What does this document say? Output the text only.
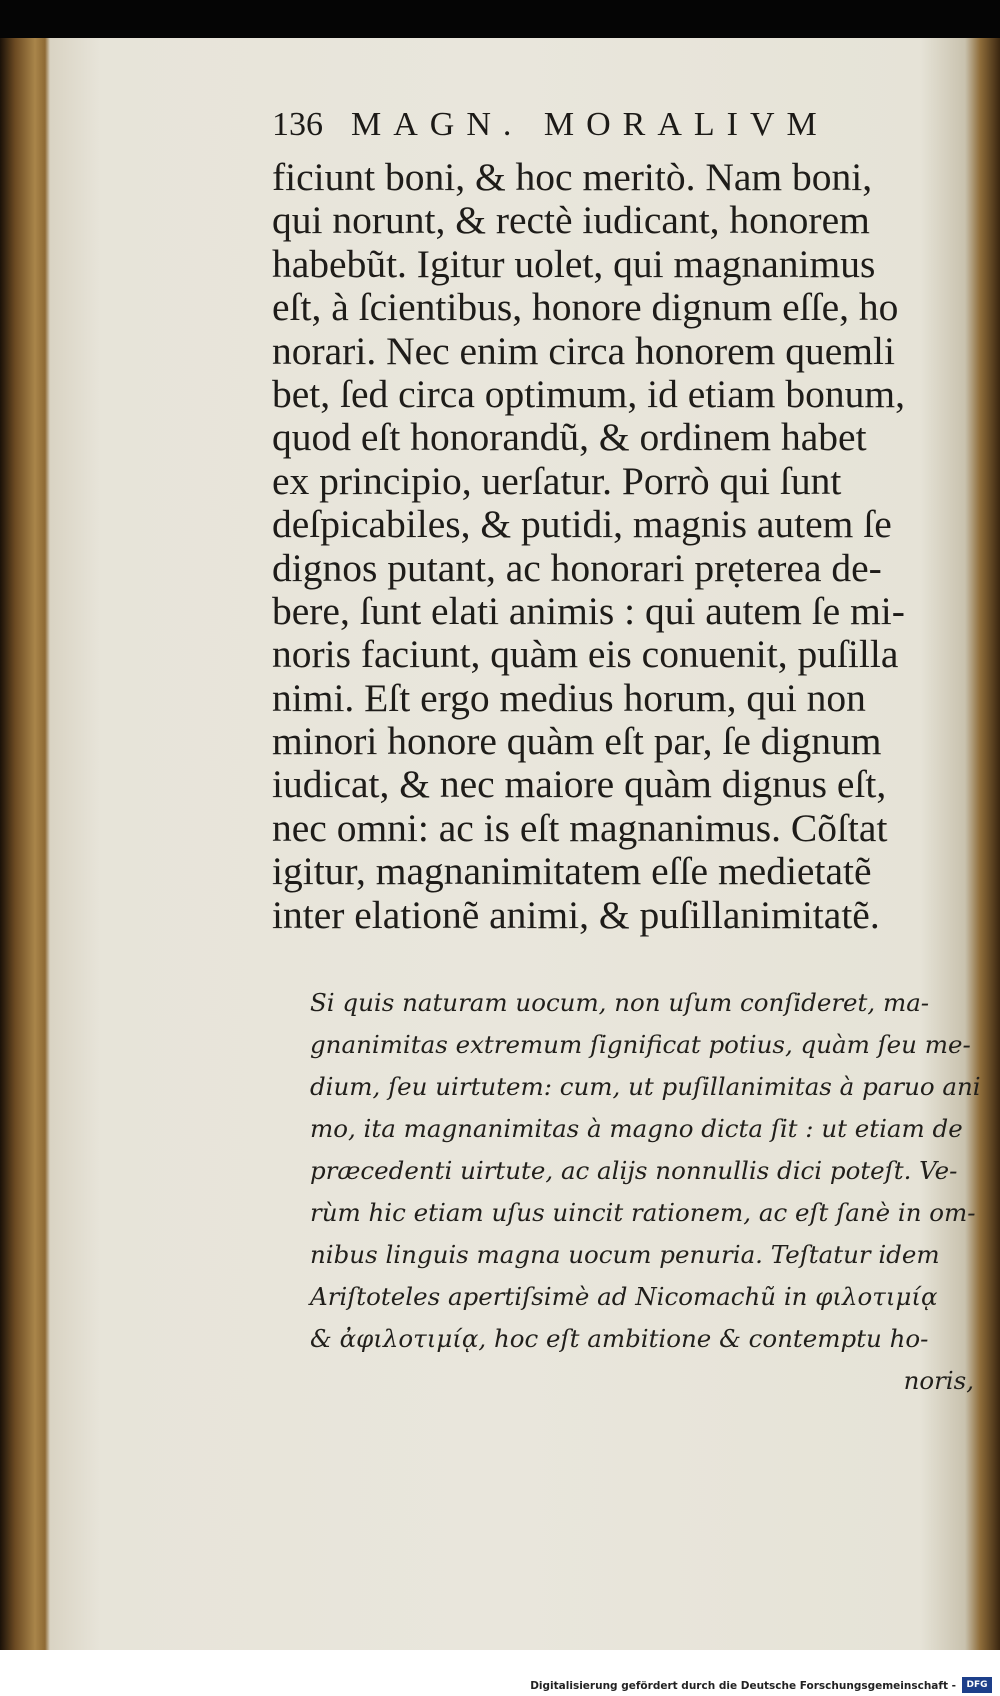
136 MAGN. MORALIVM
ficiunt boni, & hoc meritò. Nam boni,
qui norunt, & rectè iudicant, honorem
habebũt. Igitur uolet, qui magnanimus
eſt, à ſcientibus, honore dignum eſſe, ho
norari. Nec enim circa honorem quemli
bet, ſed circa optimum, id etiam bonum,
quod eſt honorandũ, & ordinem habet
ex principio, uerſatur. Porrò qui ſunt
deſpicabiles, & putidi, magnis autem ſe
dignos putant, ac honorari prẹterea de-
bere, ſunt elati animis : qui autem ſe mi-
noris faciunt, quàm eis conuenit, puſilla
nimi. Eſt ergo medius horum, qui non
minori honore quàm eſt par, ſe dignum
iudicat, & nec maiore quàm dignus eſt,
nec omni: ac is eſt magnanimus. Cõſtat
igitur, magnanimitatem eſſe medietatẽ
inter elationẽ animi, & puſillanimitatẽ.
Si quis naturam uocum, non uſum conſideret, ma-
gnanimitas extremum ſignificat potius, quàm ſeu me-
dium, ſeu uirtutem: cum, ut puſillanimitas à paruo ani
mo, ita magnanimitas à magno dicta ſit : ut etiam de
præcedenti uirtute, ac alijs nonnullis dici poteſt. Ve-
rùm hic etiam uſus uincit rationem, ac eſt ſanè in om-
nibus linguis magna uocum penuria. Teſtatur idem
Ariſtoteles apertiſsimè ad Nicomachũ in φιλοτιμίᾳ
& ἀφιλοτιμίᾳ, hoc eſt ambitione & contemptu ho-
noris,
Digitalisierung gefördert durch die Deutsche Forschungsgemeinschaft -	DFG
